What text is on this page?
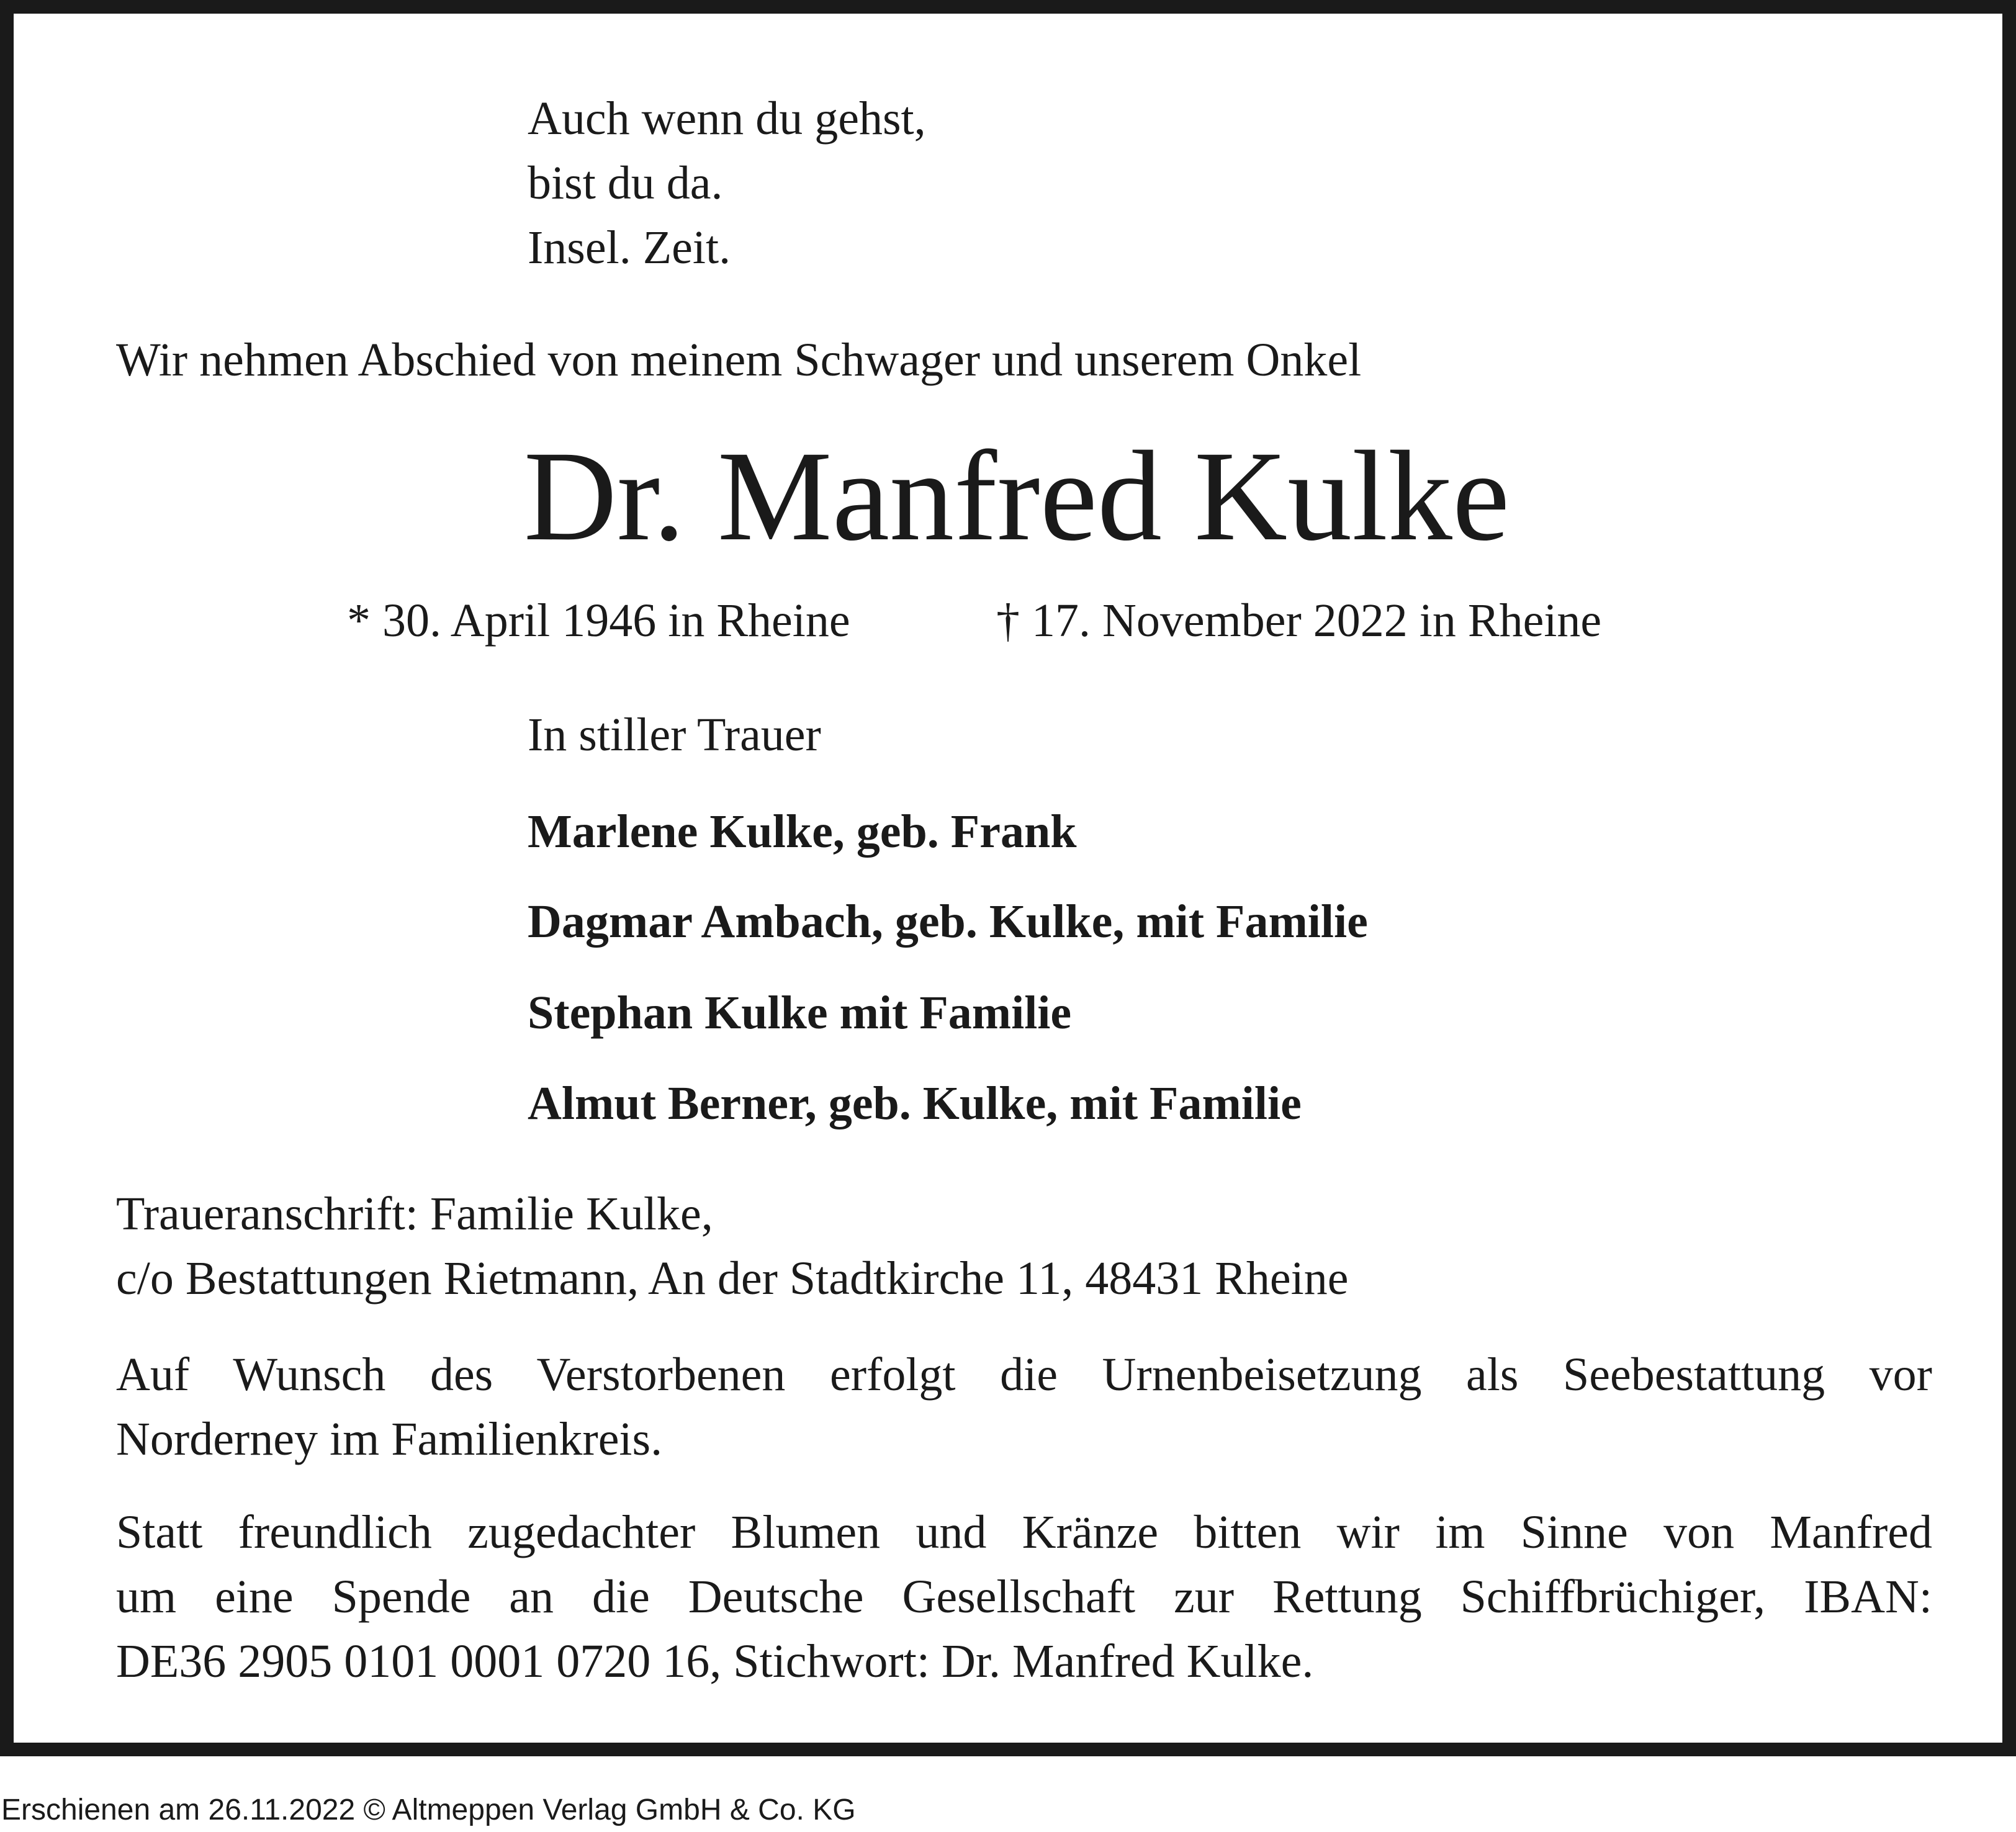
Auch wenn du gehst,
bist du da.
Insel. Zeit.
Wir nehmen Abschied von meinem Schwager und unserem Onkel
Dr. Manfred Kulke
* 30. April 1946 in Rheine	† 17. November 2022 in Rheine
In stiller Trauer
Marlene Kulke, geb. Frank
Dagmar Ambach, geb. Kulke, mit Familie
Stephan Kulke mit Familie
Almut Berner, geb. Kulke, mit Familie
Traueranschrift: Familie Kulke,
c/o Bestattungen Rietmann, An der Stadtkirche 11, 48431 Rheine
Auf Wunsch des Verstorbenen erfolgt die Urnenbeisetzung als Seebestattung vor
Norderney im Familienkreis.
Statt freundlich zugedachter Blumen und Kränze bitten wir im Sinne von Manfred
um eine Spende an die Deutsche Gesellschaft zur Rettung Schiffbrüchiger, IBAN:
DE36 2905 0101 0001 0720 16, Stichwort: Dr. Manfred Kulke.
Erschienen am 26.11.2022 © Altmeppen Verlag GmbH & Co. KG
